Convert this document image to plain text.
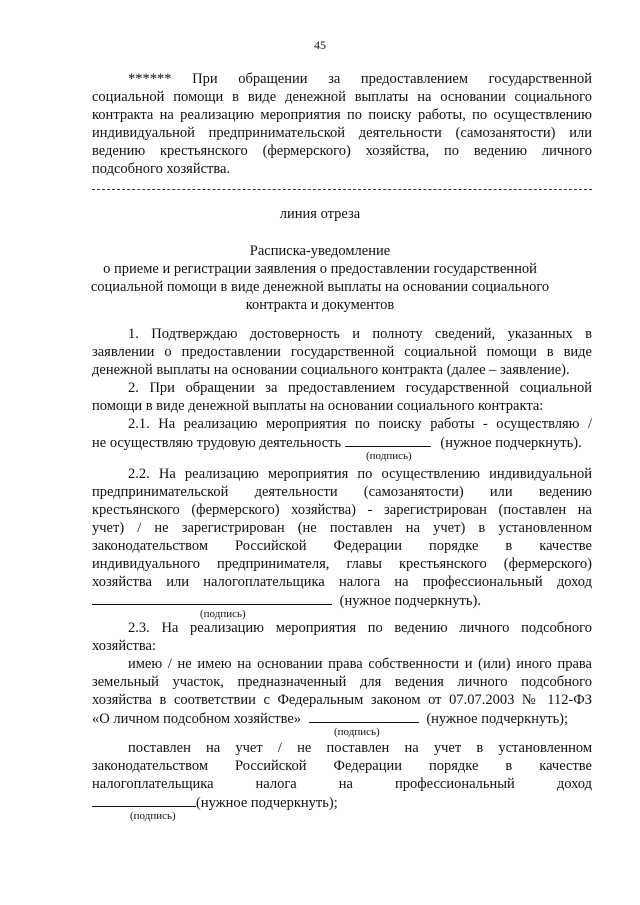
45
****** При обращении за предоставлением государственной
социальной помощи в виде денежной выплаты на основании социального
контракта на реализацию мероприятия по поиску работы, по осуществлению
индивидуальной предпринимательской деятельности (самозанятости) или
ведению крестьянского (фермерского) хозяйства, по ведению личного
подсобного хозяйства.
линия отреза
Расписка-уведомление
о приеме и регистрации заявления о предоставлении государственной
социальной помощи в виде денежной выплаты на основании социального
контракта и документов
1. Подтверждаю достоверность и полноту сведений, указанных в
заявлении о предоставлении государственной социальной помощи в виде
денежной выплаты на основании социального контракта (далее – заявление).
2. При обращении за предоставлением государственной социальной
помощи в виде денежной выплаты на основании социального контракта:
2.1. На реализацию мероприятия по поиску работы - осуществляю /
не осуществляю трудовую деятельность	(нужное подчеркнуть).
(подпись)
2.2. На реализацию мероприятия по осуществлению индивидуальной
предпринимательской деятельности (самозанятости) или ведению
крестьянского (фермерского) хозяйства) - зарегистрирован (поставлен на
учет) / не зарегистрирован (не поставлен на учет) в установленном
законодательством Российской Федерации порядке в качестве
индивидуального предпринимателя, главы крестьянского (фермерского)
хозяйства или налогоплательщика налога на профессиональный доход
(нужное подчеркнуть).
(подпись)
2.3. На реализацию мероприятия по ведению личного подсобного
хозяйства:
имею / не имею на основании права собственности и (или) иного права
земельный участок, предназначенный для ведения личного подсобного
хозяйства в соответствии с Федеральным законом от 07.07.2003 № 112-ФЗ
«О личном подсобном хозяйстве»	(нужное подчеркнуть);
(подпись)
поставлен на учет / не поставлен на учет в установленном
законодательством Российской Федерации порядке в качестве
налогоплательщика налога на профессиональный доход
(нужное подчеркнуть);
(подпись)
